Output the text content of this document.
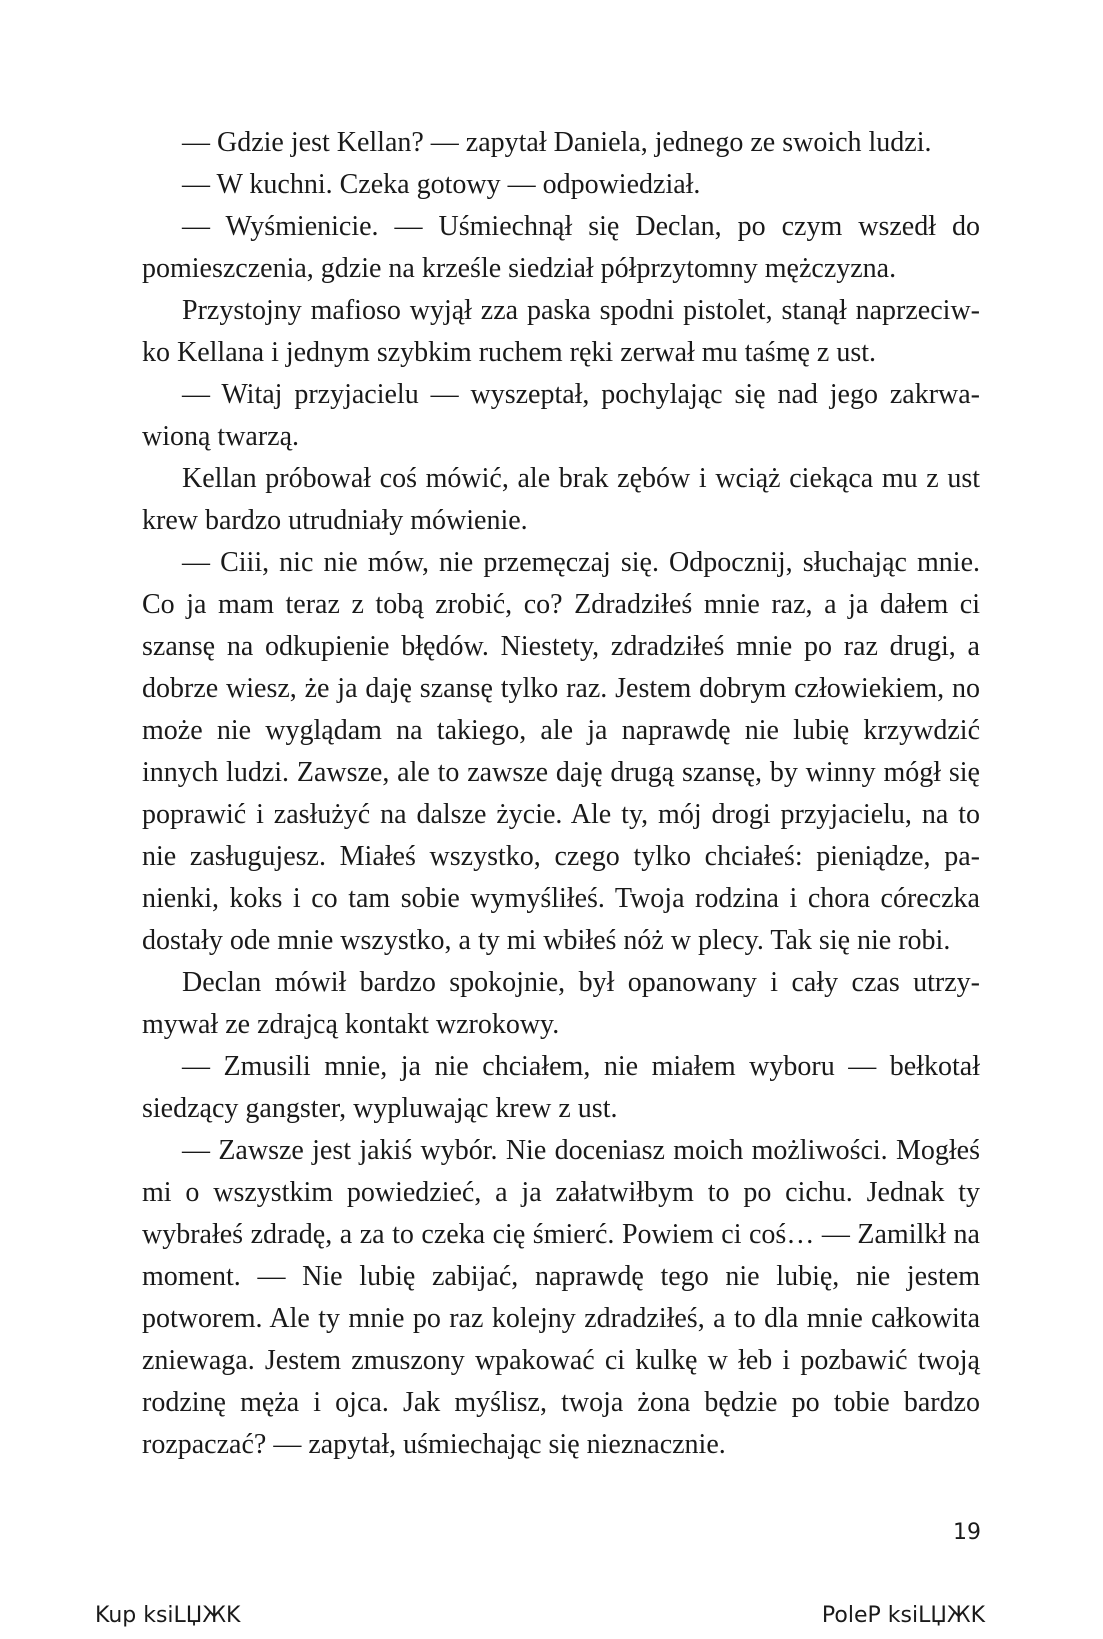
— Gdzie jest Kellan? — zapytał Daniela, jednego ze swoich ludzi.

— W kuchni. Czeka gotowy — odpowiedział.

— Wyśmienicie. — Uśmiechnął się Declan, po czym wszedł do pomieszczenia, gdzie na krześle siedział półprzytomny mężczyzna.

Przystojny mafioso wyjął zza paska spodni pistolet, stanął naprzeciwko Kellana i jednym szybkim ruchem ręki zerwał mu taśmę z ust.

— Witaj przyjacielu — wyszeptał, pochylając się nad jego zakrwawioną twarzą.

Kellan próbował coś mówić, ale brak zębów i wciąż ciekąca mu z ust krew bardzo utrudniały mówienie.

— Ciii, nic nie mów, nie przemęczaj się. Odpocznij, słuchając mnie. Co ja mam teraz z tobą zrobić, co? Zdradziłeś mnie raz, a ja dałem ci szansę na odkupienie błędów. Niestety, zdradziłeś mnie po raz drugi, a dobrze wiesz, że ja daję szansę tylko raz. Jestem dobrym człowiekiem, no może nie wyglądam na takiego, ale ja naprawdę nie lubię krzywdzić innych ludzi. Zawsze, ale to zawsze daję drugą szansę, by winny mógł się poprawić i zasłużyć na dalsze życie. Ale ty, mój drogi przyjacielu, na to nie zasługujesz. Miałeś wszystko, czego tylko chciałeś: pieniądze, panienki, koks i co tam sobie wymyśliłeś. Twoja rodzina i chora córeczka dostały ode mnie wszystko, a ty mi wbiłeś nóż w plecy. Tak się nie robi.

Declan mówił bardzo spokojnie, był opanowany i cały czas utrzymywał ze zdrajcą kontakt wzrokowy.

— Zmusili mnie, ja nie chciałem, nie miałem wyboru — bełkotał siedzący gangster, wypluwając krew z ust.

— Zawsze jest jakiś wybór. Nie doceniasz moich możliwości. Mogłeś mi o wszystkim powiedzieć, a ja załatwiłbym to po cichu. Jednak ty wybrałeś zdradę, a za to czeka cię śmierć. Powiem ci coś… — Zamilkł na moment. — Nie lubię zabijać, naprawdę tego nie lubię, nie jestem potworem. Ale ty mnie po raz kolejny zdradziłeś, a to dla mnie całkowita zniewaga. Jestem zmuszony wpakować ci kulkę w łeb i pozbawić twoją rodzinę męża i ojca. Jak myślisz, twoja żona będzie po tobie bardzo rozpaczać? — zapytał, uśmiechając się nieznacznie.

19
Kup ksiLЏЖK	PoleP ksiLЏЖK
